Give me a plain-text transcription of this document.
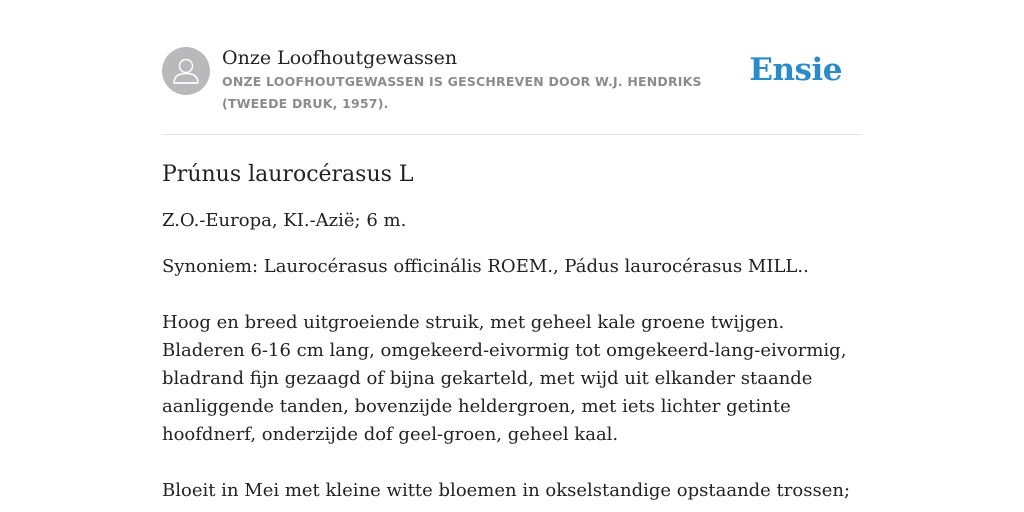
Onze Loofhoutgewassen

ONZE LOOFHOUTGEWASSEN IS GESCHREVEN DOOR W.J. HENDRIKS (TWEEDE DRUK, 1957).

Ensie
Prúnus laurocérasus L

Z.O.-Europa, KI.-Azië; 6 m.

Synoniem: Laurocérasus officinális ROEM., Pádus laurocérasus MILL..

Hoog en breed uitgroeiende struik, met geheel kale groene twijgen. Bladeren 6-16 cm lang, omgekeerd-eivormig tot omgekeerd-lang-eivormig, bladrand fijn gezaagd of bijna gekarteld, met wijd uit elkander staande aanliggende tanden, bovenzijde heldergroen, met iets lichter getinte hoofdnerf, onderzijde dof geel-groen, geheel kaal.

Bloeit in Mei met kleine witte bloemen in okselstandige opstaande trossen;
